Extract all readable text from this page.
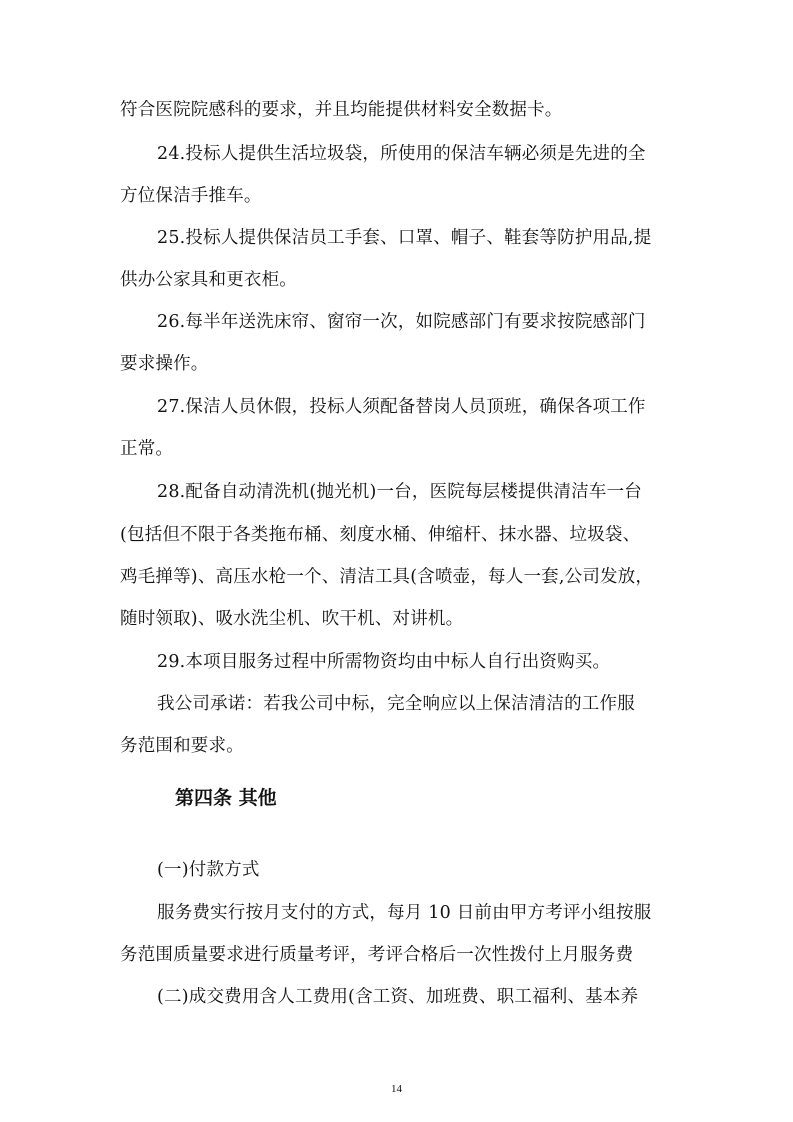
符合医院院感科的要求，并且均能提供材料安全数据卡。
24.投标人提供生活垃圾袋，所使用的保洁车辆必须是先进的全
方位保洁手推车。
25.投标人提供保洁员工手套、口罩、帽子、鞋套等防护用品,提
供办公家具和更衣柜。
26.每半年送洗床帘、窗帘一次，如院感部门有要求按院感部门
要求操作。
27.保洁人员休假，投标人须配备替岗人员顶班，确保各项工作
正常。
28.配备自动清洗机(抛光机)一台，医院每层楼提供清洁车一台
(包括但不限于各类拖布桶、刻度水桶、伸缩杆、抹水器、垃圾袋、
鸡毛掸等)、高压水枪一个、清洁工具(含喷壶，每人一套,公司发放，
随时领取)、吸水洗尘机、吹干机、对讲机。
29.本项目服务过程中所需物资均由中标人自行出资购买。
我公司承诺：若我公司中标，完全响应以上保洁清洁的工作服
务范围和要求。
第四条 其他
(一)付款方式
服务费实行按月支付的方式，每月 10 日前由甲方考评小组按服
务范围质量要求进行质量考评，考评合格后一次性拨付上月服务费
(二)成交费用含人工费用(含工资、加班费、职工福利、基本养
14
